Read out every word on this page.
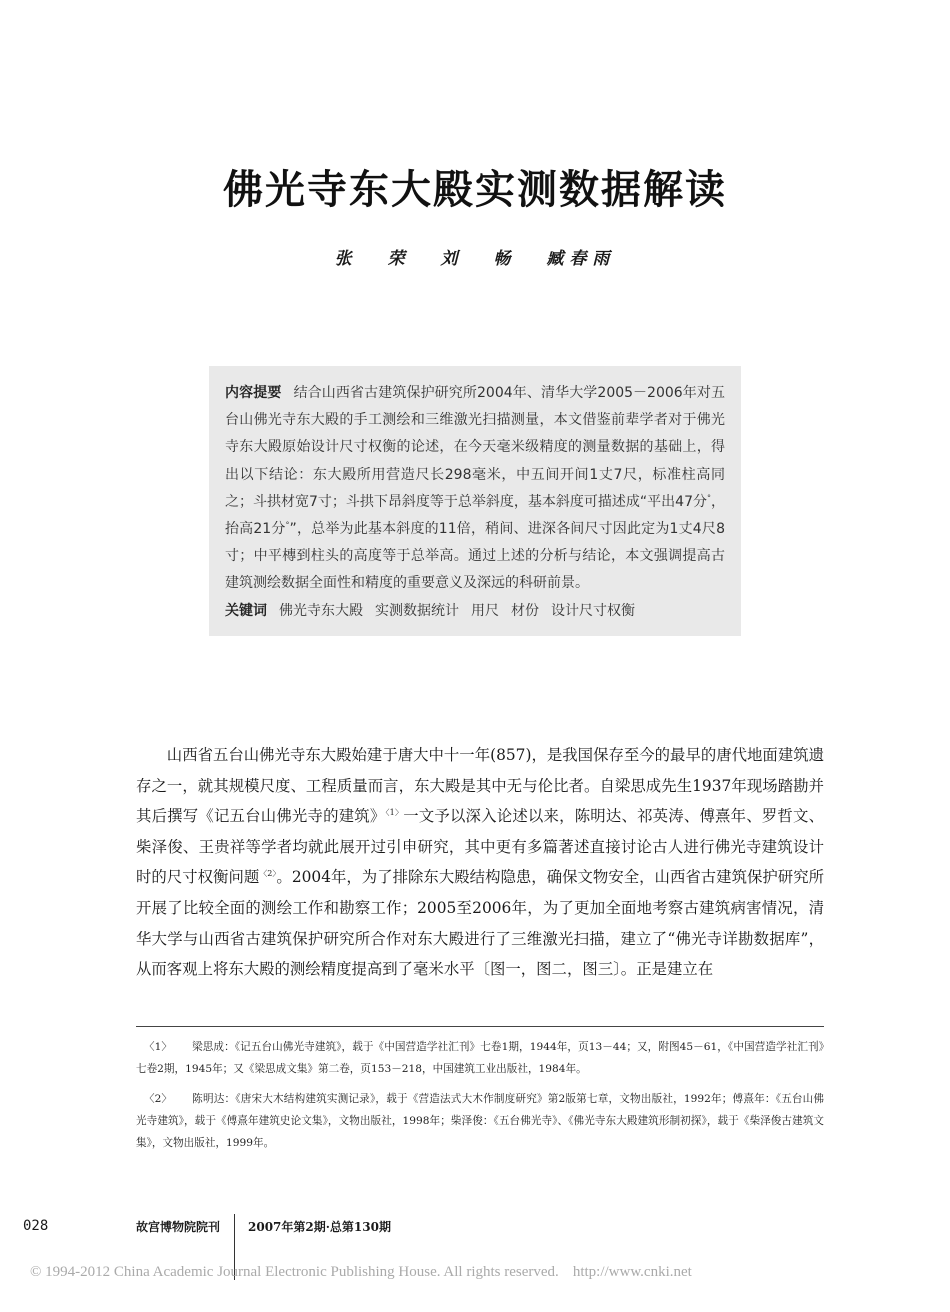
佛光寺东大殿实测数据解读
张 荣 刘 畅 臧春雨
内容提要 结合山西省古建筑保护研究所2004年、清华大学2005－2006年对五台山佛光寺东大殿的手工测绘和三维激光扫描测量，本文借鉴前辈学者对于佛光寺东大殿原始设计尺寸权衡的论述，在今天毫米级精度的测量数据的基础上，得出以下结论：东大殿所用营造尺长298毫米，中五间开间1丈7尺，标准柱高同之；斗拱材宽7寸；斗拱下昂斜度等于总举斜度，基本斜度可描述成“平出47分°，抬高21分°”，总举为此基本斜度的11倍，稍间、进深各间尺寸因此定为1丈4尺8寸；中平槫到柱头的高度等于总举高。通过上述的分析与结论，本文强调提高古建筑测绘数据全面性和精度的重要意义及深远的科研前景。
关键词 佛光寺东大殿 实测数据统计 用尺 材份 设计尺寸权衡

山西省五台山佛光寺东大殿始建于唐大中十一年(857)，是我国保存至今的最早的唐代地面建筑遗存之一，就其规模尺度、工程质量而言，东大殿是其中无与伦比者。自梁思成先生1937年现场踏勘并其后撰写《记五台山佛光寺的建筑》$^{〈1〉}$一文予以深入论述以来，陈明达、祁英涛、傅熹年、罗哲文、柴泽俊、王贵祥等学者均就此展开过引申研究，其中更有多篇著述直接讨论古人进行佛光寺建筑设计时的尺寸权衡问题$^{〈2〉}$。2004年，为了排除东大殿结构隐患，确保文物安全，山西省古建筑保护研究所开展了比较全面的测绘工作和勘察工作；2005至2006年，为了更加全面地考察古建筑病害情况，清华大学与山西省古建筑保护研究所合作对东大殿进行了三维激光扫描，建立了“佛光寺详勘数据库”，从而客观上将东大殿的测绘精度提高到了毫米水平〔图一，图二，图三〕。正是建立在

〈1〉 梁思成：《记五台山佛光寺建筑》，载于《中国营造学社汇刊》七卷1期，1944年，页13－44；又，附图45－61，《中国营造学社汇刊》七卷2期，1945年；又《梁思成文集》第二卷，页153－218，中国建筑工业出版社，1984年。

〈2〉 陈明达：《唐宋大木结构建筑实测记录》，载于《营造法式大木作制度研究》第2版第七章，文物出版社，1992年；傅熹年：《五台山佛光寺建筑》，载于《傅熹年建筑史论文集》，文物出版社，1998年；柴泽俊：《五台佛光寺》、《佛光寺东大殿建筑形制初探》，载于《柴泽俊古建筑文集》，文物出版社，1999年。

028	故宫博物院院刊 2007年第2期·总第130期
© 1994-2012 China Academic Journal Electronic Publishing House. All rights reserved. http://www.cnki.net
